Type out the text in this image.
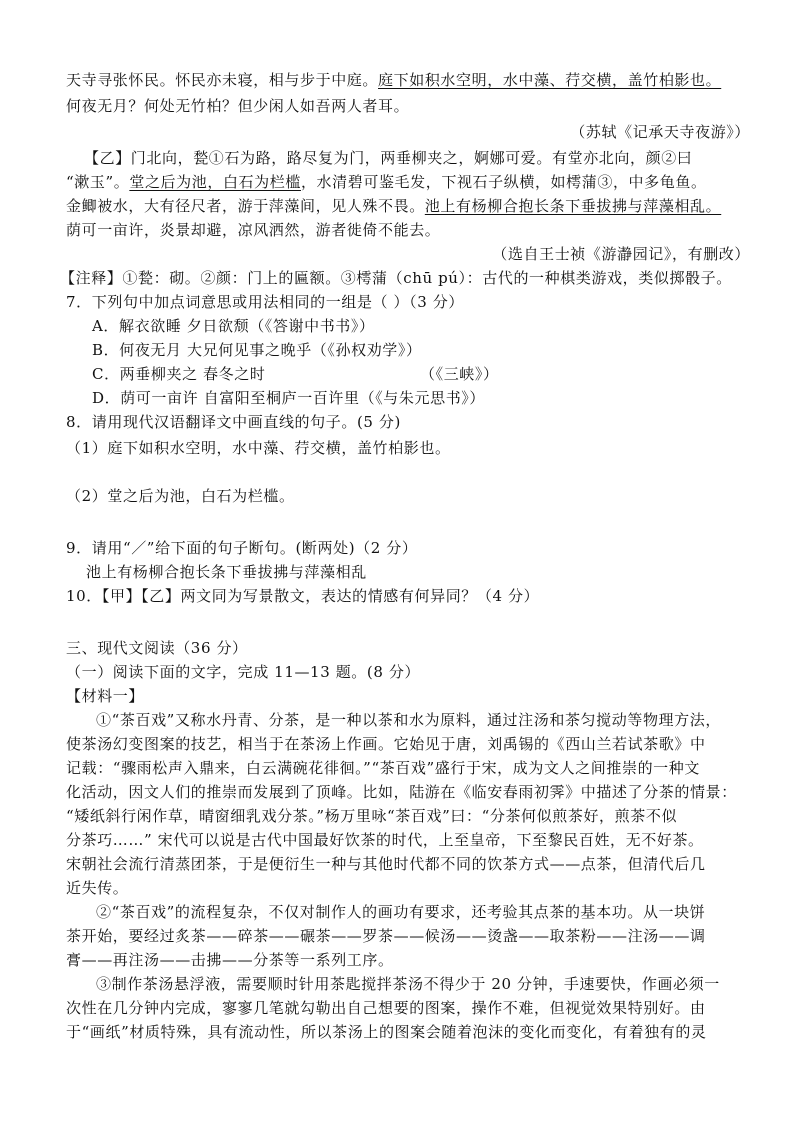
天寺寻张怀民。怀民亦未寝，相与步于中庭。庭下如积水空明，水中藻、荇交横，盖竹柏影也。
何夜无月？何处无竹柏？但少闲人如吾两人者耳。
（苏轼《记承天寺夜游》）
【乙】门北向，甃①石为路，路尽复为门，两垂柳夹之，婀娜可爱。有堂亦北向，颜②曰
“漱玉”。堂之后为池，白石为栏槛，水清碧可鉴毛发，下视石子纵横，如樗蒲③，中多龟鱼。
金鲫被水，大有径尺者，游于萍藻间，见人殊不畏。池上有杨柳合抱长条下垂拔拂与萍藻相乱。
荫可一亩许，炎景却避，凉风洒然，游者徙倚不能去。
（选自王士祯《游瀞园记》，有删改）
【注释】①甃：砌。②颜：门上的匾额。③樗蒲（chū pú）：古代的一种棋类游戏，类似掷骰子。
7．下列句中加点词意思或用法相同的一组是（ ）（3 分）
A．解衣欲睡 夕日欲颓（《答谢中书书》）
B．何夜无月 大兄何见事之晚乎（《孙权劝学》）
C．两垂柳夹之 春冬之时	（《三峡》）
D．荫可一亩许 自富阳至桐庐一百许里（《与朱元思书》）
8．请用现代汉语翻译文中画直线的句子。(5 分)
（1）庭下如积水空明，水中藻、荇交横，盖竹柏影也。
（2）堂之后为池，白石为栏槛。
9．请用“／”给下面的句子断句。(断两处)（2 分）
池上有杨柳合抱长条下垂拔拂与萍藻相乱
10．【甲】【乙】两文同为写景散文，表达的情感有何异同？（4 分）
三、现代文阅读（36 分）
（一）阅读下面的文字，完成 11—13 题。(8 分）
【材料一】
①“茶百戏”又称水丹青、分茶，是一种以茶和水为原料，通过注汤和茶匀搅动等物理方法，
使茶汤幻变图案的技艺，相当于在茶汤上作画。它始见于唐，刘禹锡的《西山兰若试茶歌》中
记载：“骤雨松声入鼎来，白云满碗花徘徊。”“茶百戏”盛行于宋，成为文人之间推崇的一种文
化活动，因文人们的推崇而发展到了顶峰。比如，陆游在《临安春雨初霁》中描述了分茶的情景：
“矮纸斜行闲作草，晴窗细乳戏分茶。”杨万里咏“茶百戏”曰：“分茶何似煎茶好，煎茶不似
分茶巧……” 宋代可以说是古代中国最好饮茶的时代，上至皇帝，下至黎民百姓，无不好茶。
宋朝社会流行清蒸团茶，于是便衍生一种与其他时代都不同的饮茶方式——点茶，但清代后几
近失传。
②“茶百戏”的流程复杂，不仅对制作人的画功有要求，还考验其点茶的基本功。从一块饼
茶开始，要经过炙茶——碎茶——碾茶——罗茶——候汤——烫盏——取茶粉——注汤——调
膏——再注汤——击拂——分茶等一系列工序。
③制作茶汤悬浮液，需要顺时针用茶匙搅拌茶汤不得少于 20 分钟，手速要快，作画必须一
次性在几分钟内完成，寥寥几笔就勾勒出自己想要的图案，操作不难，但视觉效果特别好。由
于“画纸”材质特殊，具有流动性，所以茶汤上的图案会随着泡沫的变化而变化，有着独有的灵
